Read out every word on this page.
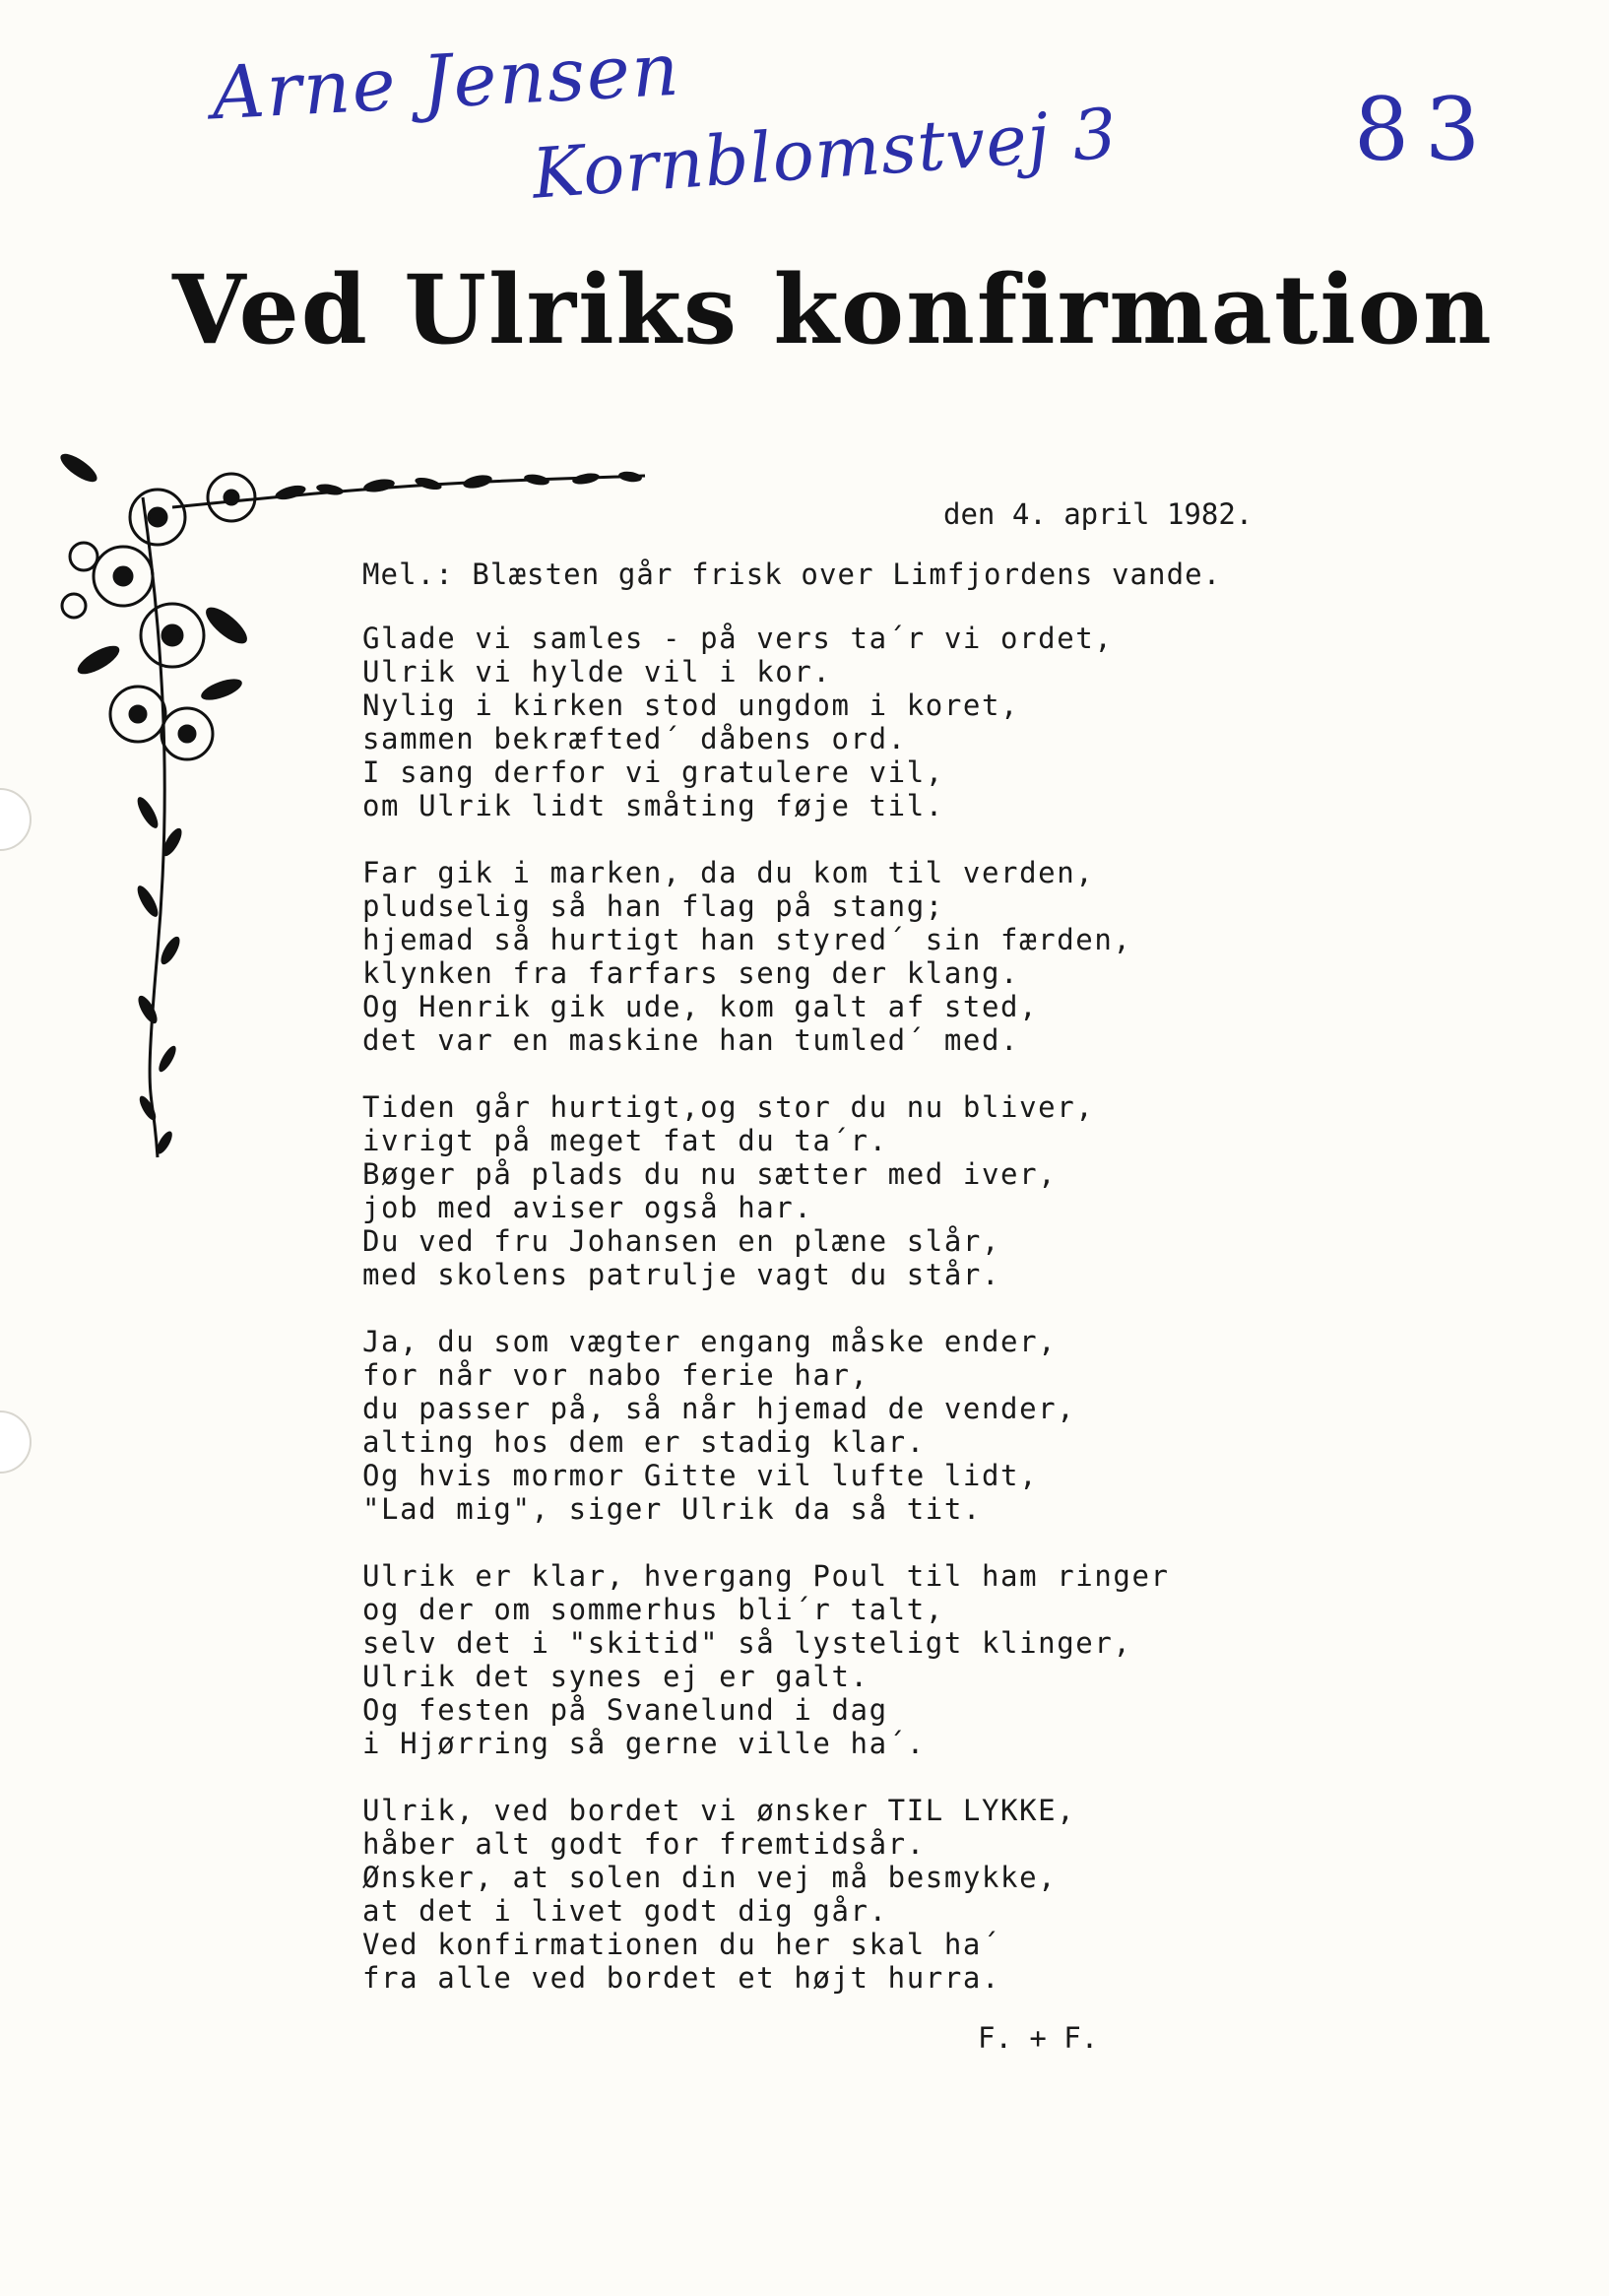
Arne Jensen
Kornblomstvej 3	83
Ved Ulriks konfirmation
den 4. april 1982.
Mel.: Blæsten går frisk over Limfjordens vande.
Glade vi samles - på vers ta´r vi ordet,
Ulrik vi hylde vil i kor.
Nylig i kirken stod ungdom i koret,
sammen bekræfted´ dåbens ord.
I sang derfor vi gratulere vil,
om Ulrik lidt småting føje til.
Far gik i marken, da du kom til verden,
pludselig så han flag på stang;
hjemad så hurtigt han styred´ sin færden,
klynken fra farfars seng der klang.
Og Henrik gik ude, kom galt af sted,
det var en maskine han tumled´ med.
Tiden går hurtigt,og stor du nu bliver,
ivrigt på meget fat du ta´r.
Bøger på plads du nu sætter med iver,
job med aviser også har.
Du ved fru Johansen en plæne slår,
med skolens patrulje vagt du står.
Ja, du som vægter engang måske ender,
for når vor nabo ferie har,
du passer på, så når hjemad de vender,
alting hos dem er stadig klar.
Og hvis mormor Gitte vil lufte lidt,
"Lad mig", siger Ulrik da så tit.
Ulrik er klar, hvergang Poul til ham ringer
og der om sommerhus bli´r talt,
selv det i "skitid" så lysteligt klinger,
Ulrik det synes ej er galt.
Og festen på Svanelund i dag
i Hjørring så gerne ville ha´.
Ulrik, ved bordet vi ønsker TIL LYKKE,
håber alt godt for fremtidsår.
Ønsker, at solen din vej må besmykke,
at det i livet godt dig går.
Ved konfirmationen du her skal ha´
fra alle ved bordet et højt hurra.
F. + F.
